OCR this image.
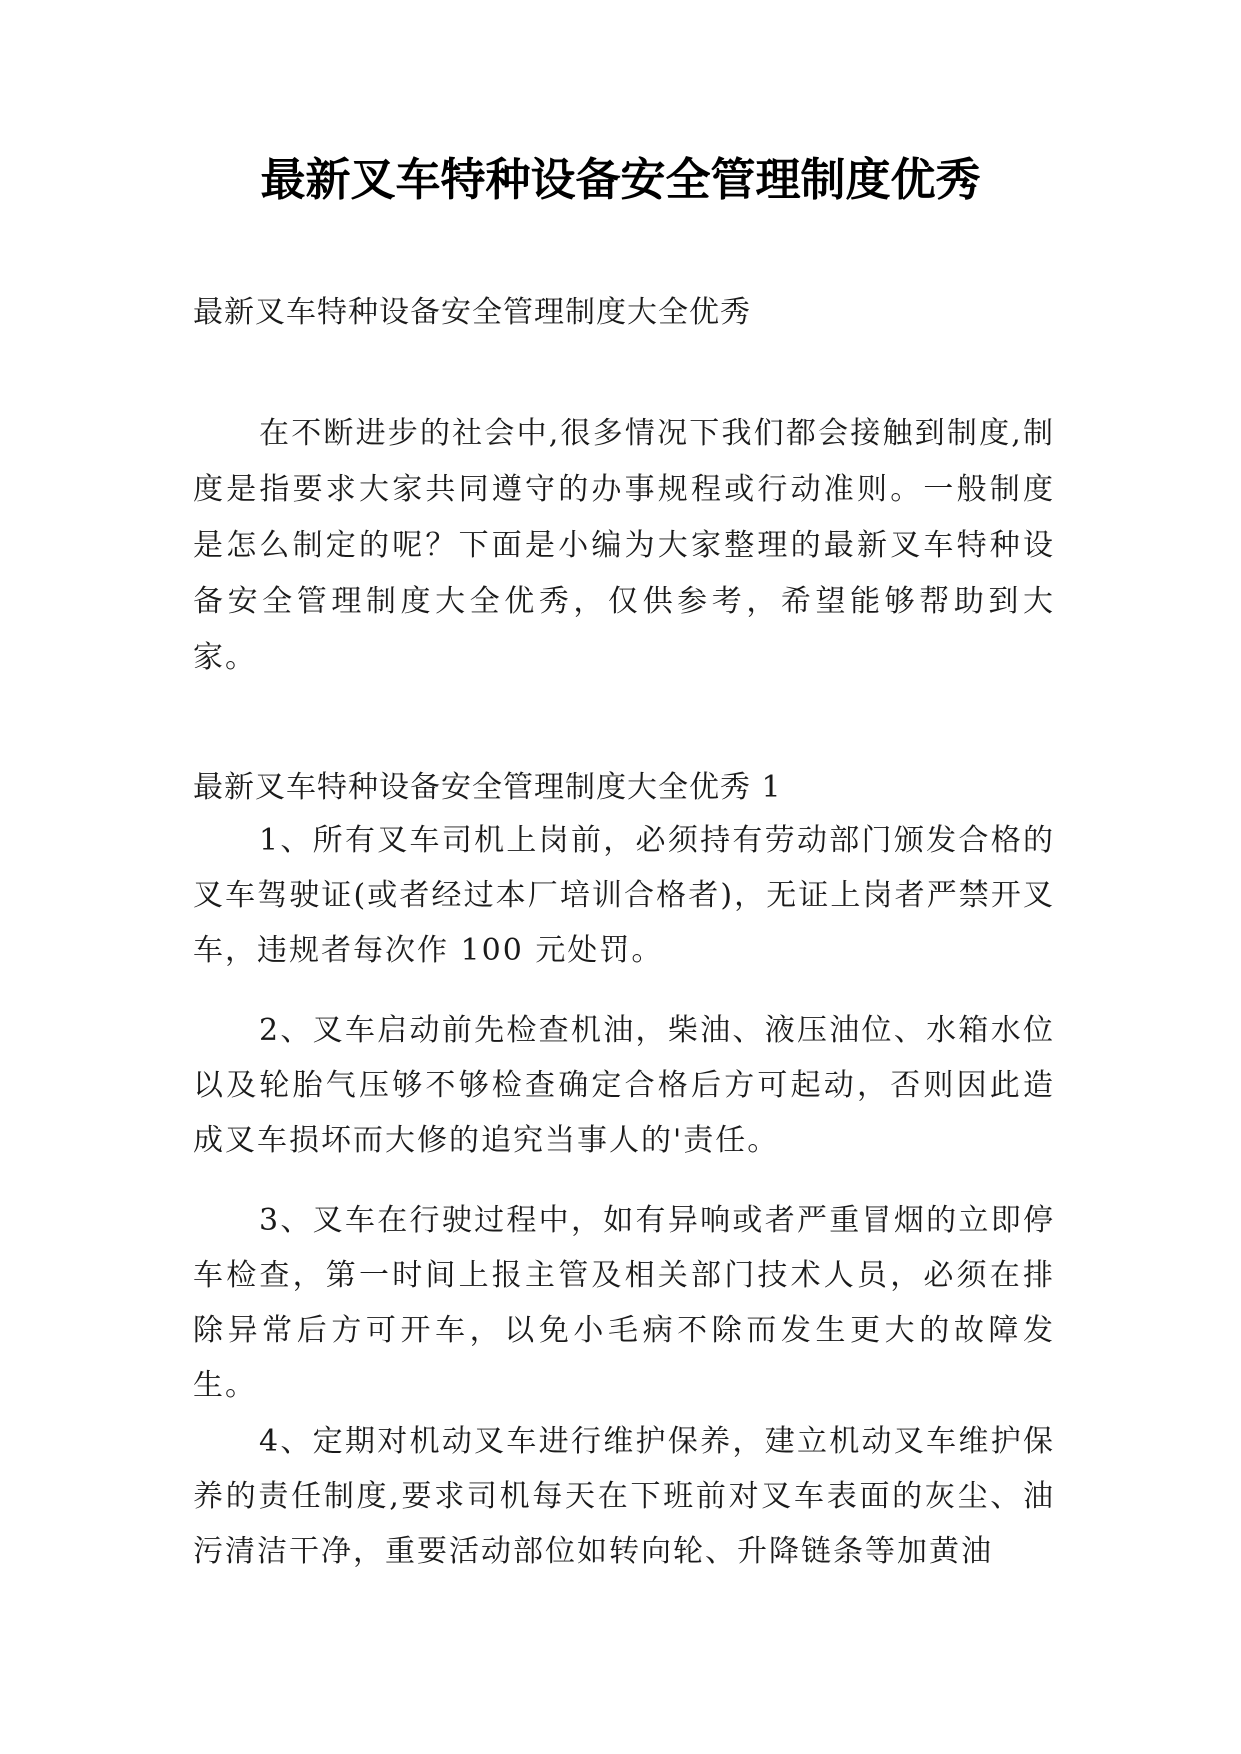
最新叉车特种设备安全管理制度优秀

最新叉车特种设备安全管理制度大全优秀

在不断进步的社会中,很多情况下我们都会接触到制度,制度是指要求大家共同遵守的办事规程或行动准则。一般制度是怎么制定的呢？下面是小编为大家整理的最新叉车特种设备安全管理制度大全优秀，仅供参考，希望能够帮助到大家。

最新叉车特种设备安全管理制度大全优秀 1

1、所有叉车司机上岗前，必须持有劳动部门颁发合格的叉车驾驶证(或者经过本厂培训合格者)，无证上岗者严禁开叉车，违规者每次作 100 元处罚。

2、叉车启动前先检查机油，柴油、液压油位、水箱水位以及轮胎气压够不够检查确定合格后方可起动，否则因此造成叉车损坏而大修的追究当事人的'责任。

3、叉车在行驶过程中，如有异响或者严重冒烟的立即停车检查，第一时间上报主管及相关部门技术人员，必须在排除异常后方可开车，以免小毛病不除而发生更大的故障发生。

4、定期对机动叉车进行维护保养，建立机动叉车维护保养的责任制度,要求司机每天在下班前对叉车表面的灰尘、油污清洁干净，重要活动部位如转向轮、升降链条等加黄油
